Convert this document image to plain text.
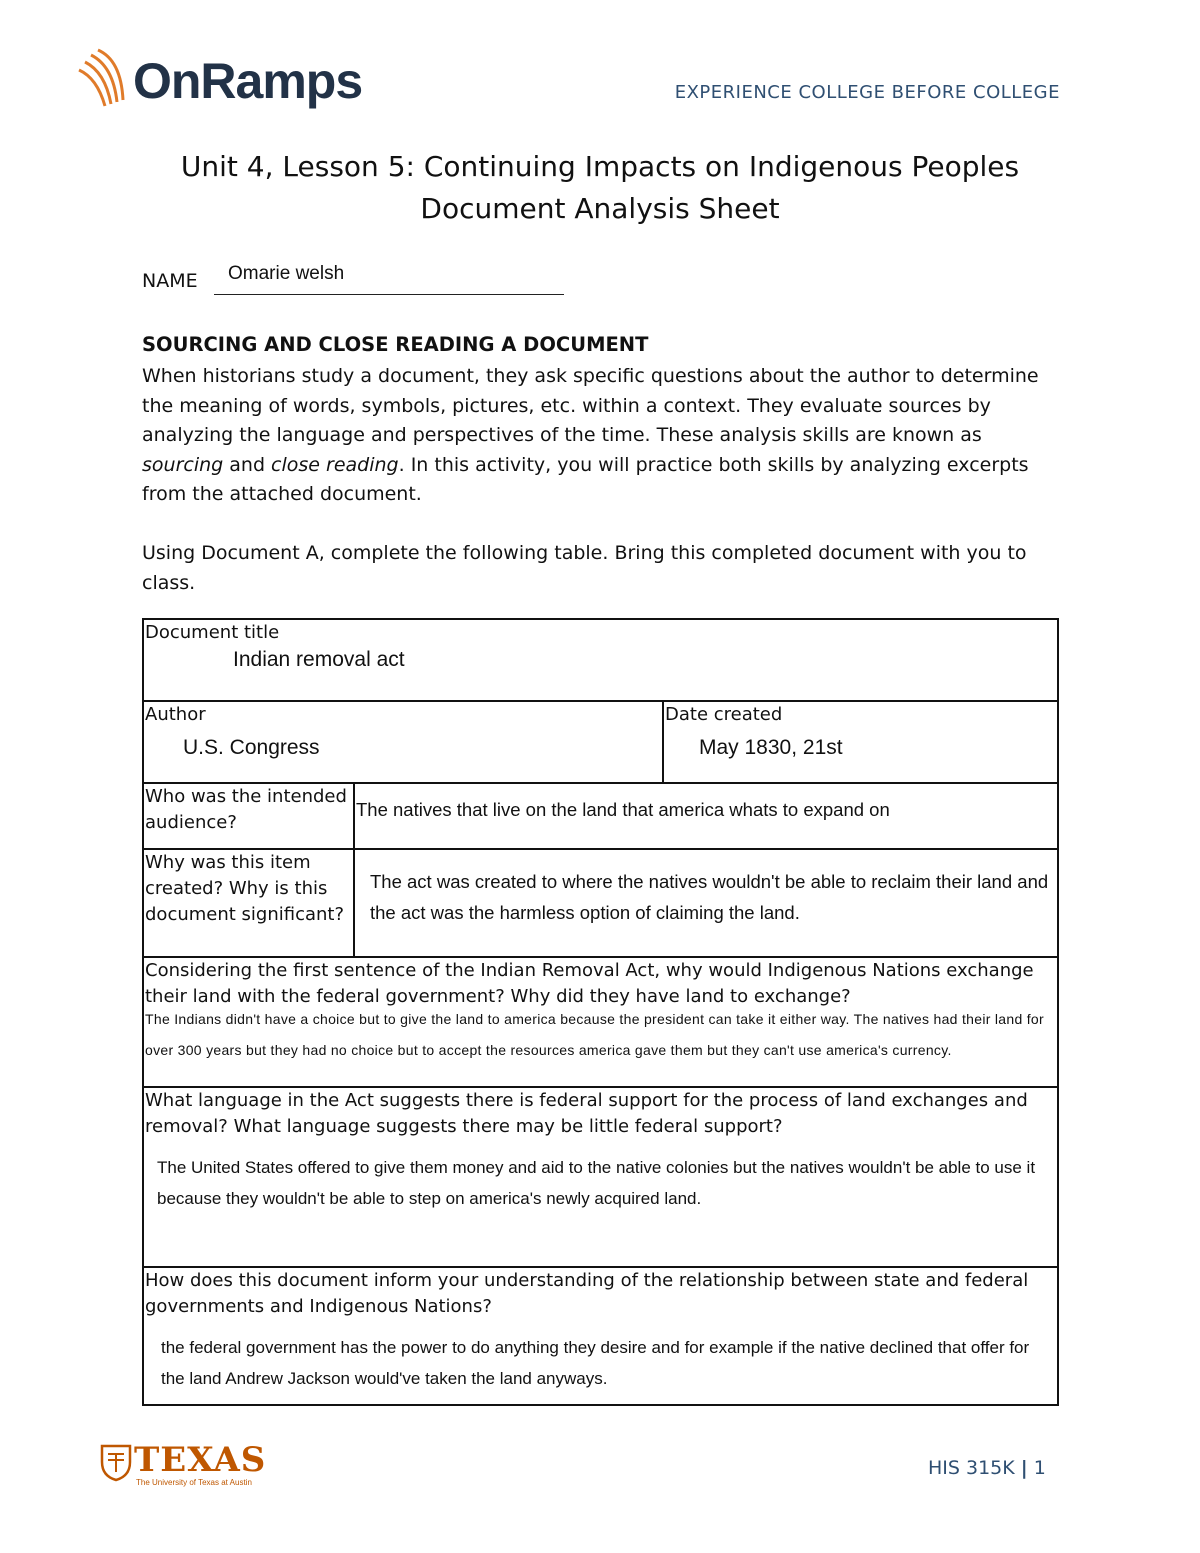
OnRamps	EXPERIENCE COLLEGE BEFORE COLLEGE
Unit 4, Lesson 5: Continuing Impacts on Indigenous Peoples
Document Analysis Sheet
NAME Omarie welsh
SOURCING AND CLOSE READING A DOCUMENT
When historians study a document, they ask specific questions about the author to determine the meaning of words, symbols, pictures, etc. within a context. They evaluate sources by analyzing the language and perspectives of the time. These analysis skills are known as sourcing and close reading. In this activity, you will practice both skills by analyzing excerpts from the attached document.
Using Document A, complete the following table. Bring this completed document with you to class.
Document title
Indian removal act		

Author
U.S. Congress		Date created
May 1830, 21st

Who was the intended audience?	The natives that live on the land that america whats to expand on	

Why was this item created? Why is this document significant?	The act was created to where the natives wouldn't be able to reclaim their land and the act was the harmless option of claiming the land.	

Considering the first sentence of the Indian Removal Act, why would Indigenous Nations exchange their land with the federal government? Why did they have land to exchange?
The Indians didn't have a choice but to give the land to america because the president can take it either way. The natives had their land for over 300 years but they had no choice but to accept the resources america gave them but they can't use america's currency.		

What language in the Act suggests there is federal support for the process of land exchanges and removal? What language suggests there may be little federal support?
The United States offered to give them money and aid to the native colonies but the natives wouldn't be able to use it because they wouldn't be able to step on america's newly acquired land.		

How does this document inform your understanding of the relationship between state and federal governments and Indigenous Nations?
the federal government has the power to do anything they desire and for example if the native declined that offer for the land Andrew Jackson would've taken the land anyways.		
TEXAS
The University of Texas at Austin
HIS 315K | 1
